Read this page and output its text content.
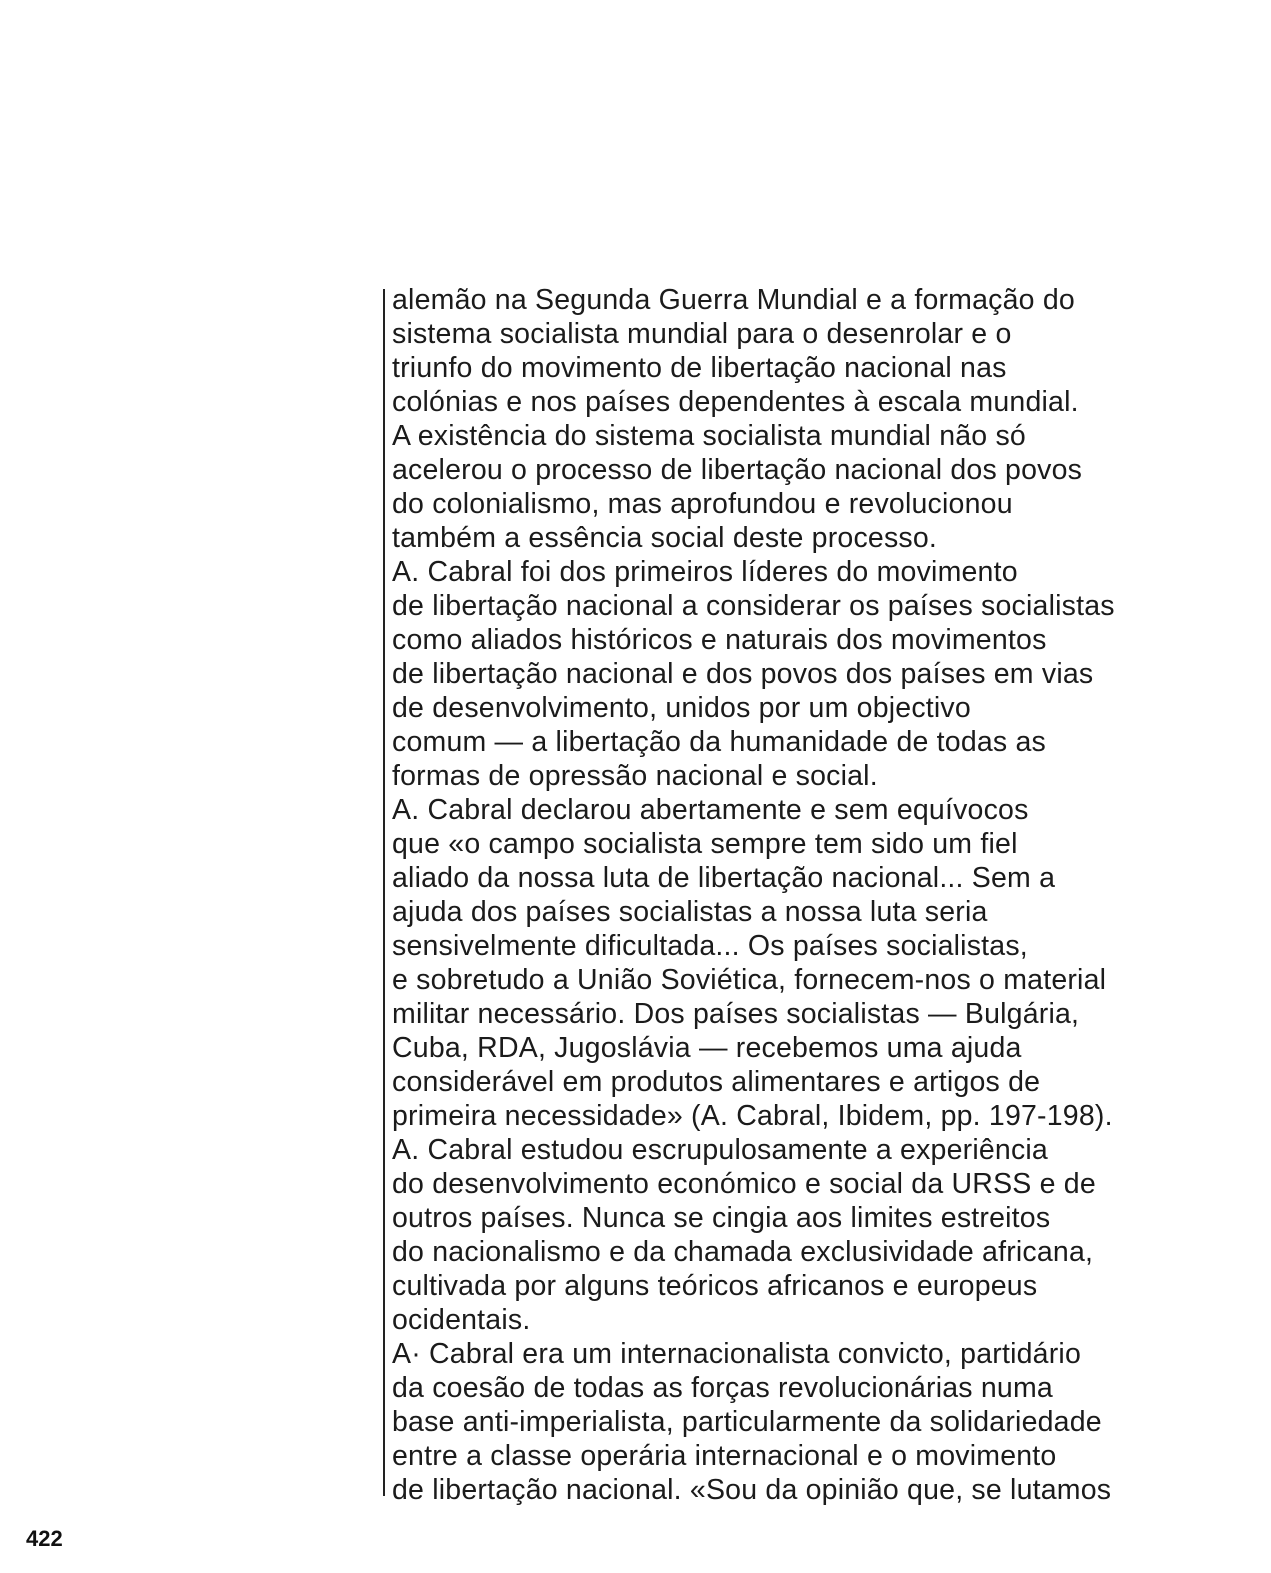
alemão na Segunda Guerra Mundial e a formação do
sistema socialista mundial para o desenrolar e o
triunfo do movimento de libertação nacional nas
colónias e nos países dependentes à escala mundial.
A existência do sistema socialista mundial não só
acelerou o processo de libertação nacional dos povos
do colonialismo, mas aprofundou e revolucionou
também a essência social deste processo.
A. Cabral foi dos primeiros líderes do movimento
de libertação nacional a considerar os países socialistas
como aliados históricos e naturais dos movimentos
de libertação nacional e dos povos dos países em vias
de desenvolvimento, unidos por um objectivo
comum — a libertação da humanidade de todas as
formas de opressão nacional e social.
A. Cabral declarou abertamente e sem equívocos
que «o campo socialista sempre tem sido um fiel
aliado da nossa luta de libertação nacional... Sem a
ajuda dos países socialistas a nossa luta seria
sensivelmente dificultada... Os países socialistas,
e sobretudo a União Soviética, fornecem-nos o material
militar necessário. Dos países socialistas — Bulgária,
Cuba, RDA, Jugoslávia — recebemos uma ajuda
considerável em produtos alimentares e artigos de
primeira necessidade» (A. Cabral, Ibidem, pp. 197-198).
A. Cabral estudou escrupulosamente a experiência
do desenvolvimento económico e social da URSS e de
outros países. Nunca se cingia aos limites estreitos
do nacionalismo e da chamada exclusividade africana,
cultivada por alguns teóricos africanos e europeus
ocidentais.
A· Cabral era um internacionalista convicto, partidário
da coesão de todas as forças revolucionárias numa
base anti-imperialista, particularmente da solidariedade
entre a classe operária internacional e o movimento
de libertação nacional. «Sou da opinião que, se lutamos
422
